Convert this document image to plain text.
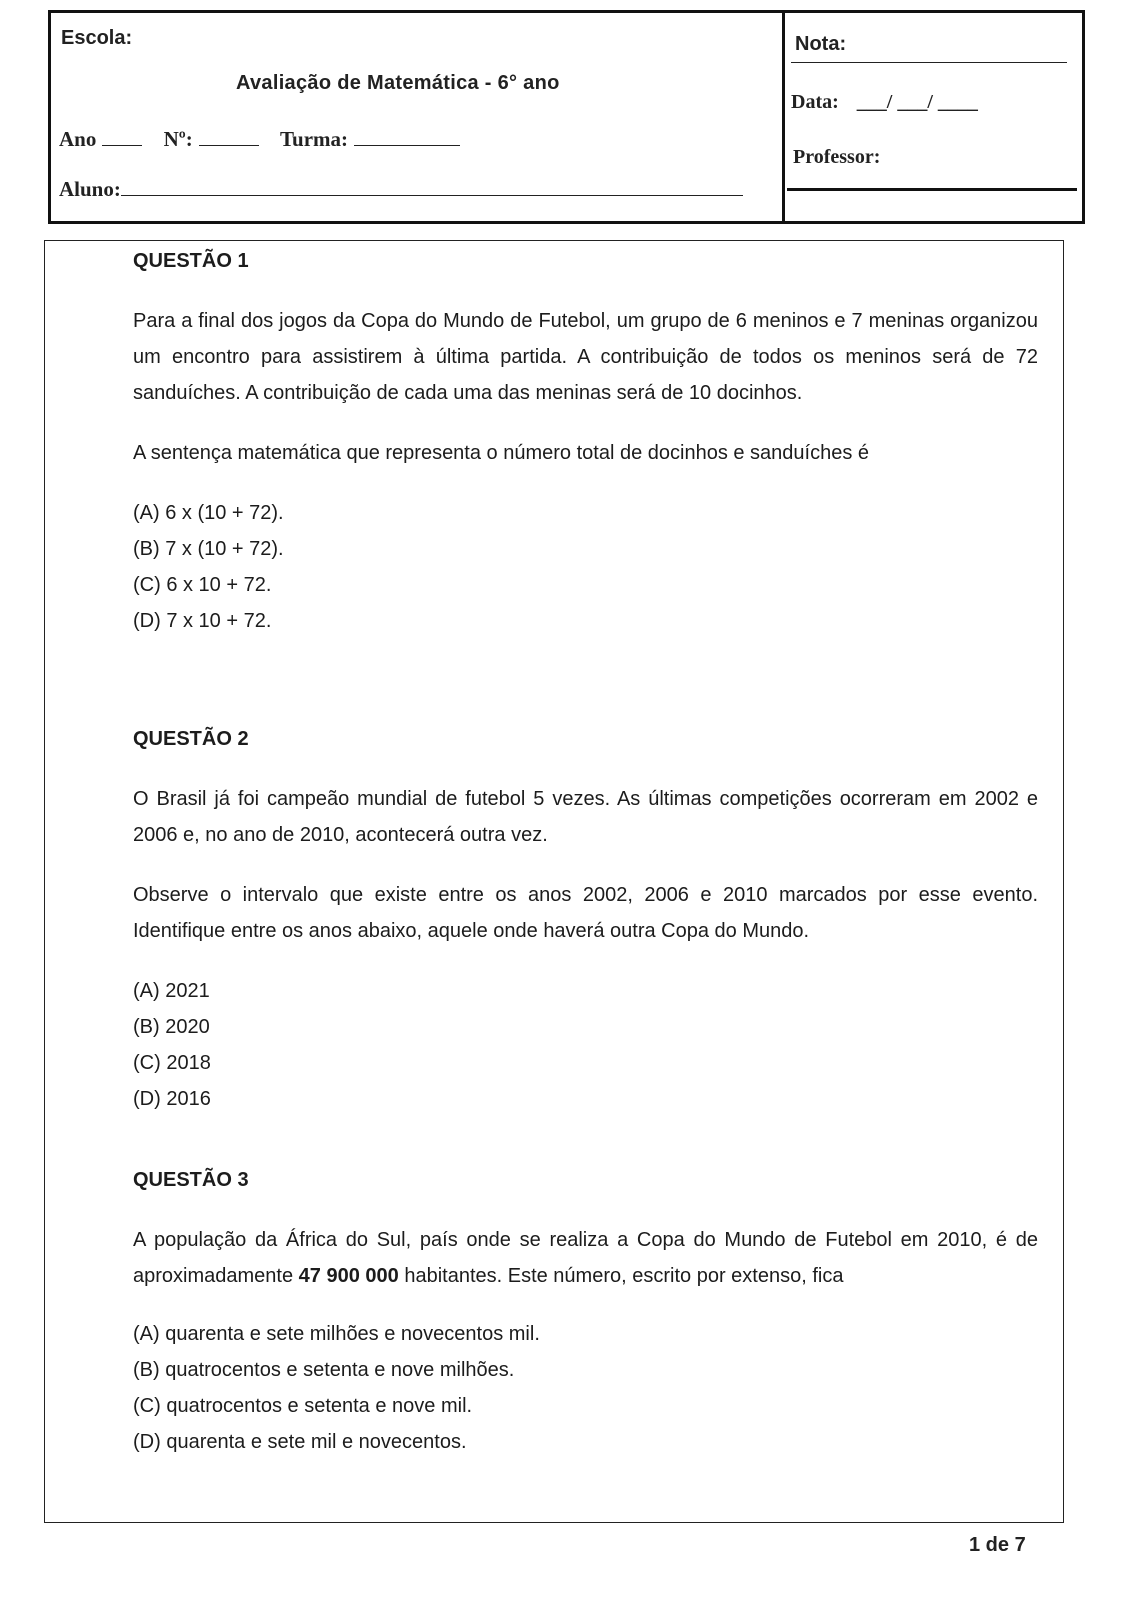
Escola:
Avaliação de Matemática - 6° ano
Ano	Nº:	Turma:
Aluno:
Nota:
Data: ___/ ___/ ____
Professor:

QUESTÃO 1

Para a final dos jogos da Copa do Mundo de Futebol, um grupo de 6 meninos e 7 meninas organizou um encontro para assistirem à última partida. A contribuição de todos os meninos será de 72 sanduíches. A contribuição de cada uma das meninas será de 10 docinhos.

A sentença matemática que representa o número total de docinhos e sanduíches é

(A) 6 x (10 + 72).
(B) 7 x (10 + 72).
(C) 6 x 10 + 72.
(D) 7 x 10 + 72.

QUESTÃO 2

O Brasil já foi campeão mundial de futebol 5 vezes. As últimas competições ocorreram em 2002 e 2006 e, no ano de 2010, acontecerá outra vez.

Observe o intervalo que existe entre os anos 2002, 2006 e 2010 marcados por esse evento. Identifique entre os anos abaixo, aquele onde haverá outra Copa do Mundo.

(A) 2021
(B) 2020
(C) 2018
(D) 2016

QUESTÃO 3

A população da África do Sul, país onde se realiza a Copa do Mundo de Futebol em 2010, é de aproximadamente 47 900 000 habitantes. Este número, escrito por extenso, fica

(A) quarenta e sete milhões e novecentos mil.
(B) quatrocentos e setenta e nove milhões.
(C) quatrocentos e setenta e nove mil.
(D) quarenta e sete mil e novecentos.
1 de 7
